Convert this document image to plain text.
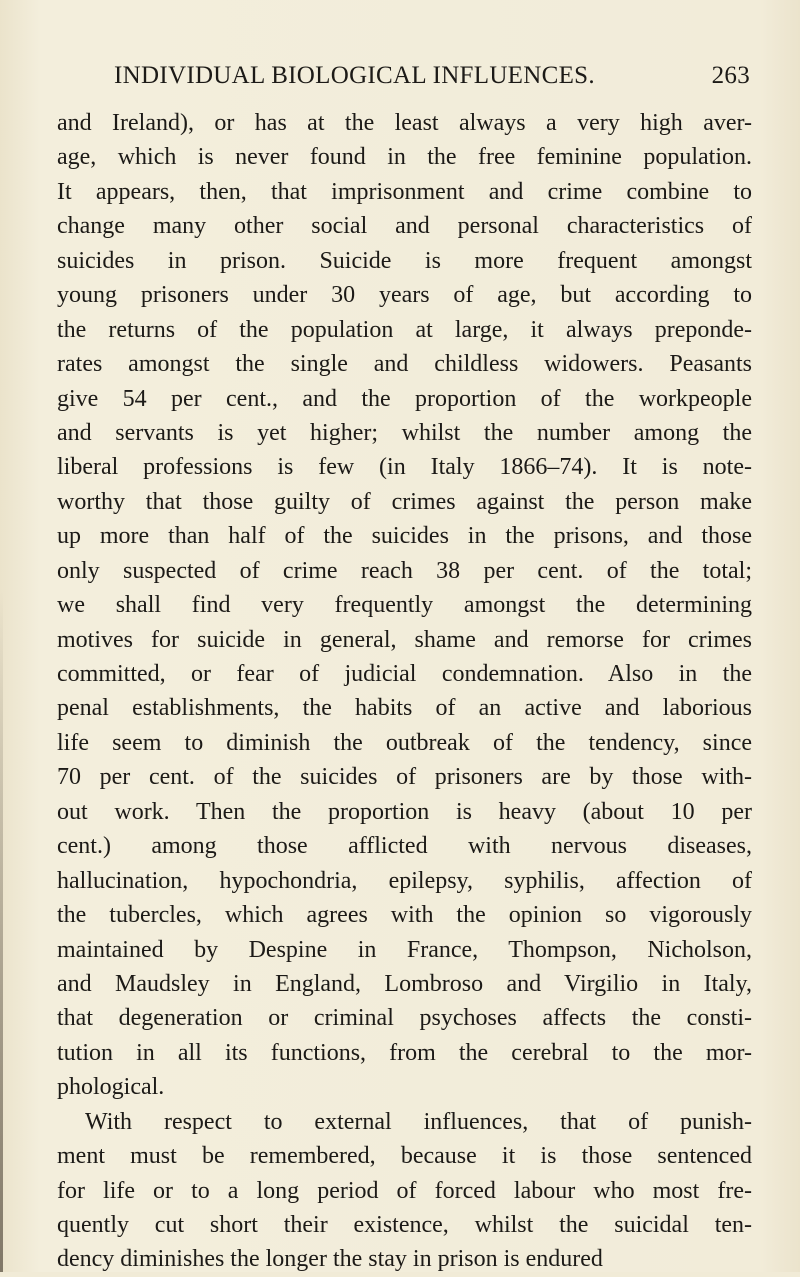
INDIVIDUAL BIOLOGICAL INFLUENCES.	263
and Ireland), or has at the least always a very high aver-
age, which is never found in the free feminine population.
It appears, then, that imprisonment and crime combine to
change many other social and personal characteristics of
suicides in prison. Suicide is more frequent amongst
young prisoners under 30 years of age, but according to
the returns of the population at large, it always preponde-
rates amongst the single and childless widowers. Peasants
give 54 per cent., and the proportion of the workpeople
and servants is yet higher; whilst the number among the
liberal professions is few (in Italy 1866–74). It is note-
worthy that those guilty of crimes against the person make
up more than half of the suicides in the prisons, and those
only suspected of crime reach 38 per cent. of the total;
we shall find very frequently amongst the determining
motives for suicide in general, shame and remorse for crimes
committed, or fear of judicial condemnation. Also in the
penal establishments, the habits of an active and laborious
life seem to diminish the outbreak of the tendency, since
70 per cent. of the suicides of prisoners are by those with-
out work. Then the proportion is heavy (about 10 per
cent.) among those afflicted with nervous diseases,
hallucination, hypochondria, epilepsy, syphilis, affection of
the tubercles, which agrees with the opinion so vigorously
maintained by Despine in France, Thompson, Nicholson,
and Maudsley in England, Lombroso and Virgilio in Italy,
that degeneration or criminal psychoses affects the consti-
tution in all its functions, from the cerebral to the mor-
phological.
With respect to external influences, that of punish-
ment must be remembered, because it is those sentenced
for life or to a long period of forced labour who most fre-
quently cut short their existence, whilst the suicidal ten-
dency diminishes the longer the stay in prison is endured
